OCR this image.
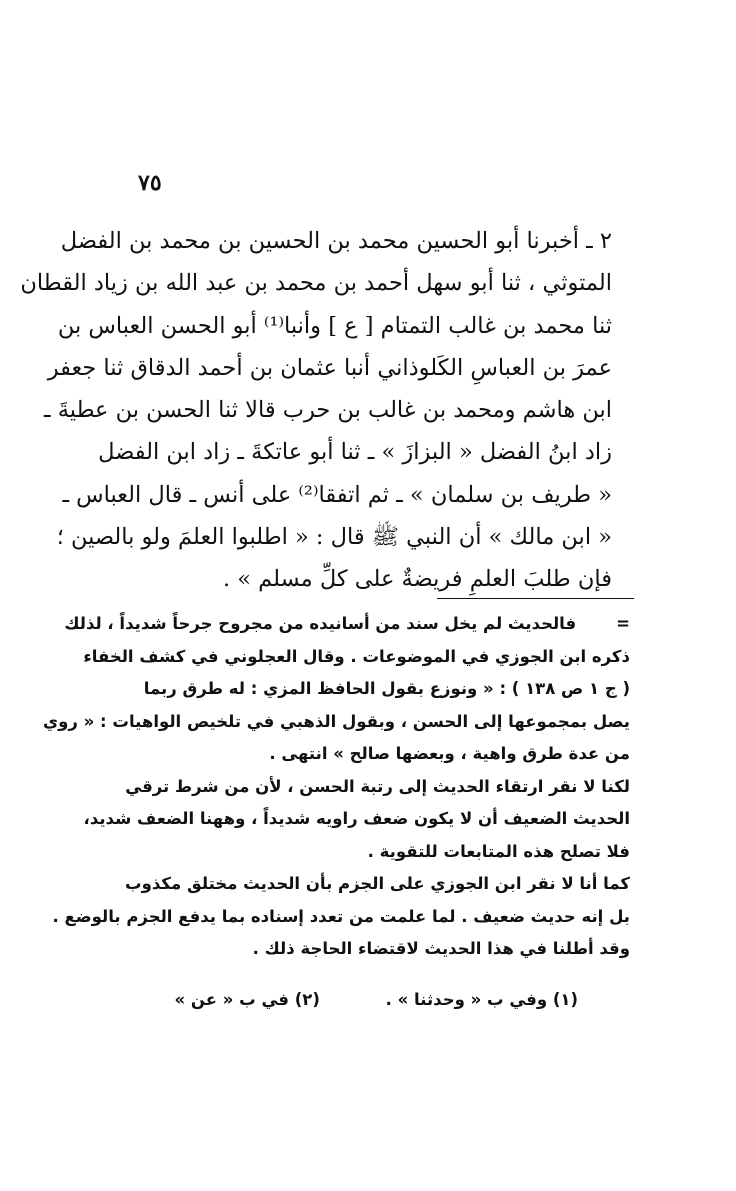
٧٥
٢ ـ أخبرنا أبو الحسين محمد بن الحسين بن محمد بن الفضل
المتوثي ، ثنا أبو سهل أحمد بن محمد بن عبد الله بن زياد القطان
ثنا محمد بن غالب التمتام [ ع ] وأنبا⁽¹⁾ أبو الحسن العباس بن
عمرَ بن العباسِ الكَلوذاني أنبا عثمان بن أحمد الدقاق ثنا جعفر
ابن هاشم ومحمد بن غالب بن حرب قالا ثنا الحسن بن عطيةَ ـ
زاد ابنُ الفضل « البزازَ » ـ ثنا أبو عاتكةَ ـ زاد ابن الفضل
« طريف بن سلمان » ـ ثم اتفقا⁽²⁾ على أنس ـ قال العباس ـ
« ابن مالك » أن النبي ﷺ قال : « اطلبوا العلمَ ولو بالصين ؛
فإن طلبَ العلمِ فريضةٌ على كلِّ مسلم » .
=فالحديث لم يخل سند من أسانيده من مجروح جرحاً شديداً ، لذلك
ذكره ابن الجوزي في الموضوعات . وقال العجلوني في كشف الخفاء
( ج ١ ص ١٣٨ ) : « ونوزع بقول الحافظ المزي : له طرق ربما
يصل بمجموعها إلى الحسن ، وبقول الذهبي في تلخيص الواهيات : « روي
من عدة طرق واهية ، وبعضها صالح » انتهى .
لكنا لا نقر ارتقاء الحديث إلى رتبة الحسن ، لأن من شرط ترقي
الحديث الضعيف أن لا يكون ضعف راويه شديداً ، وههنا الضعف شديد،
فلا تصلح هذه المتابعات للتقوية .
كما أنا لا نقر ابن الجوزي على الجزم بأن الحديث مختلق مكذوب
بل إنه حديث ضعيف . لما علمت من تعدد إسناده بما يدفع الجزم بالوضع .
وقد أطلنا في هذا الحديث لاقتضاء الحاجة ذلك .
(١) وفي ب « وحدثنا » . (٢) في ب « عن »
